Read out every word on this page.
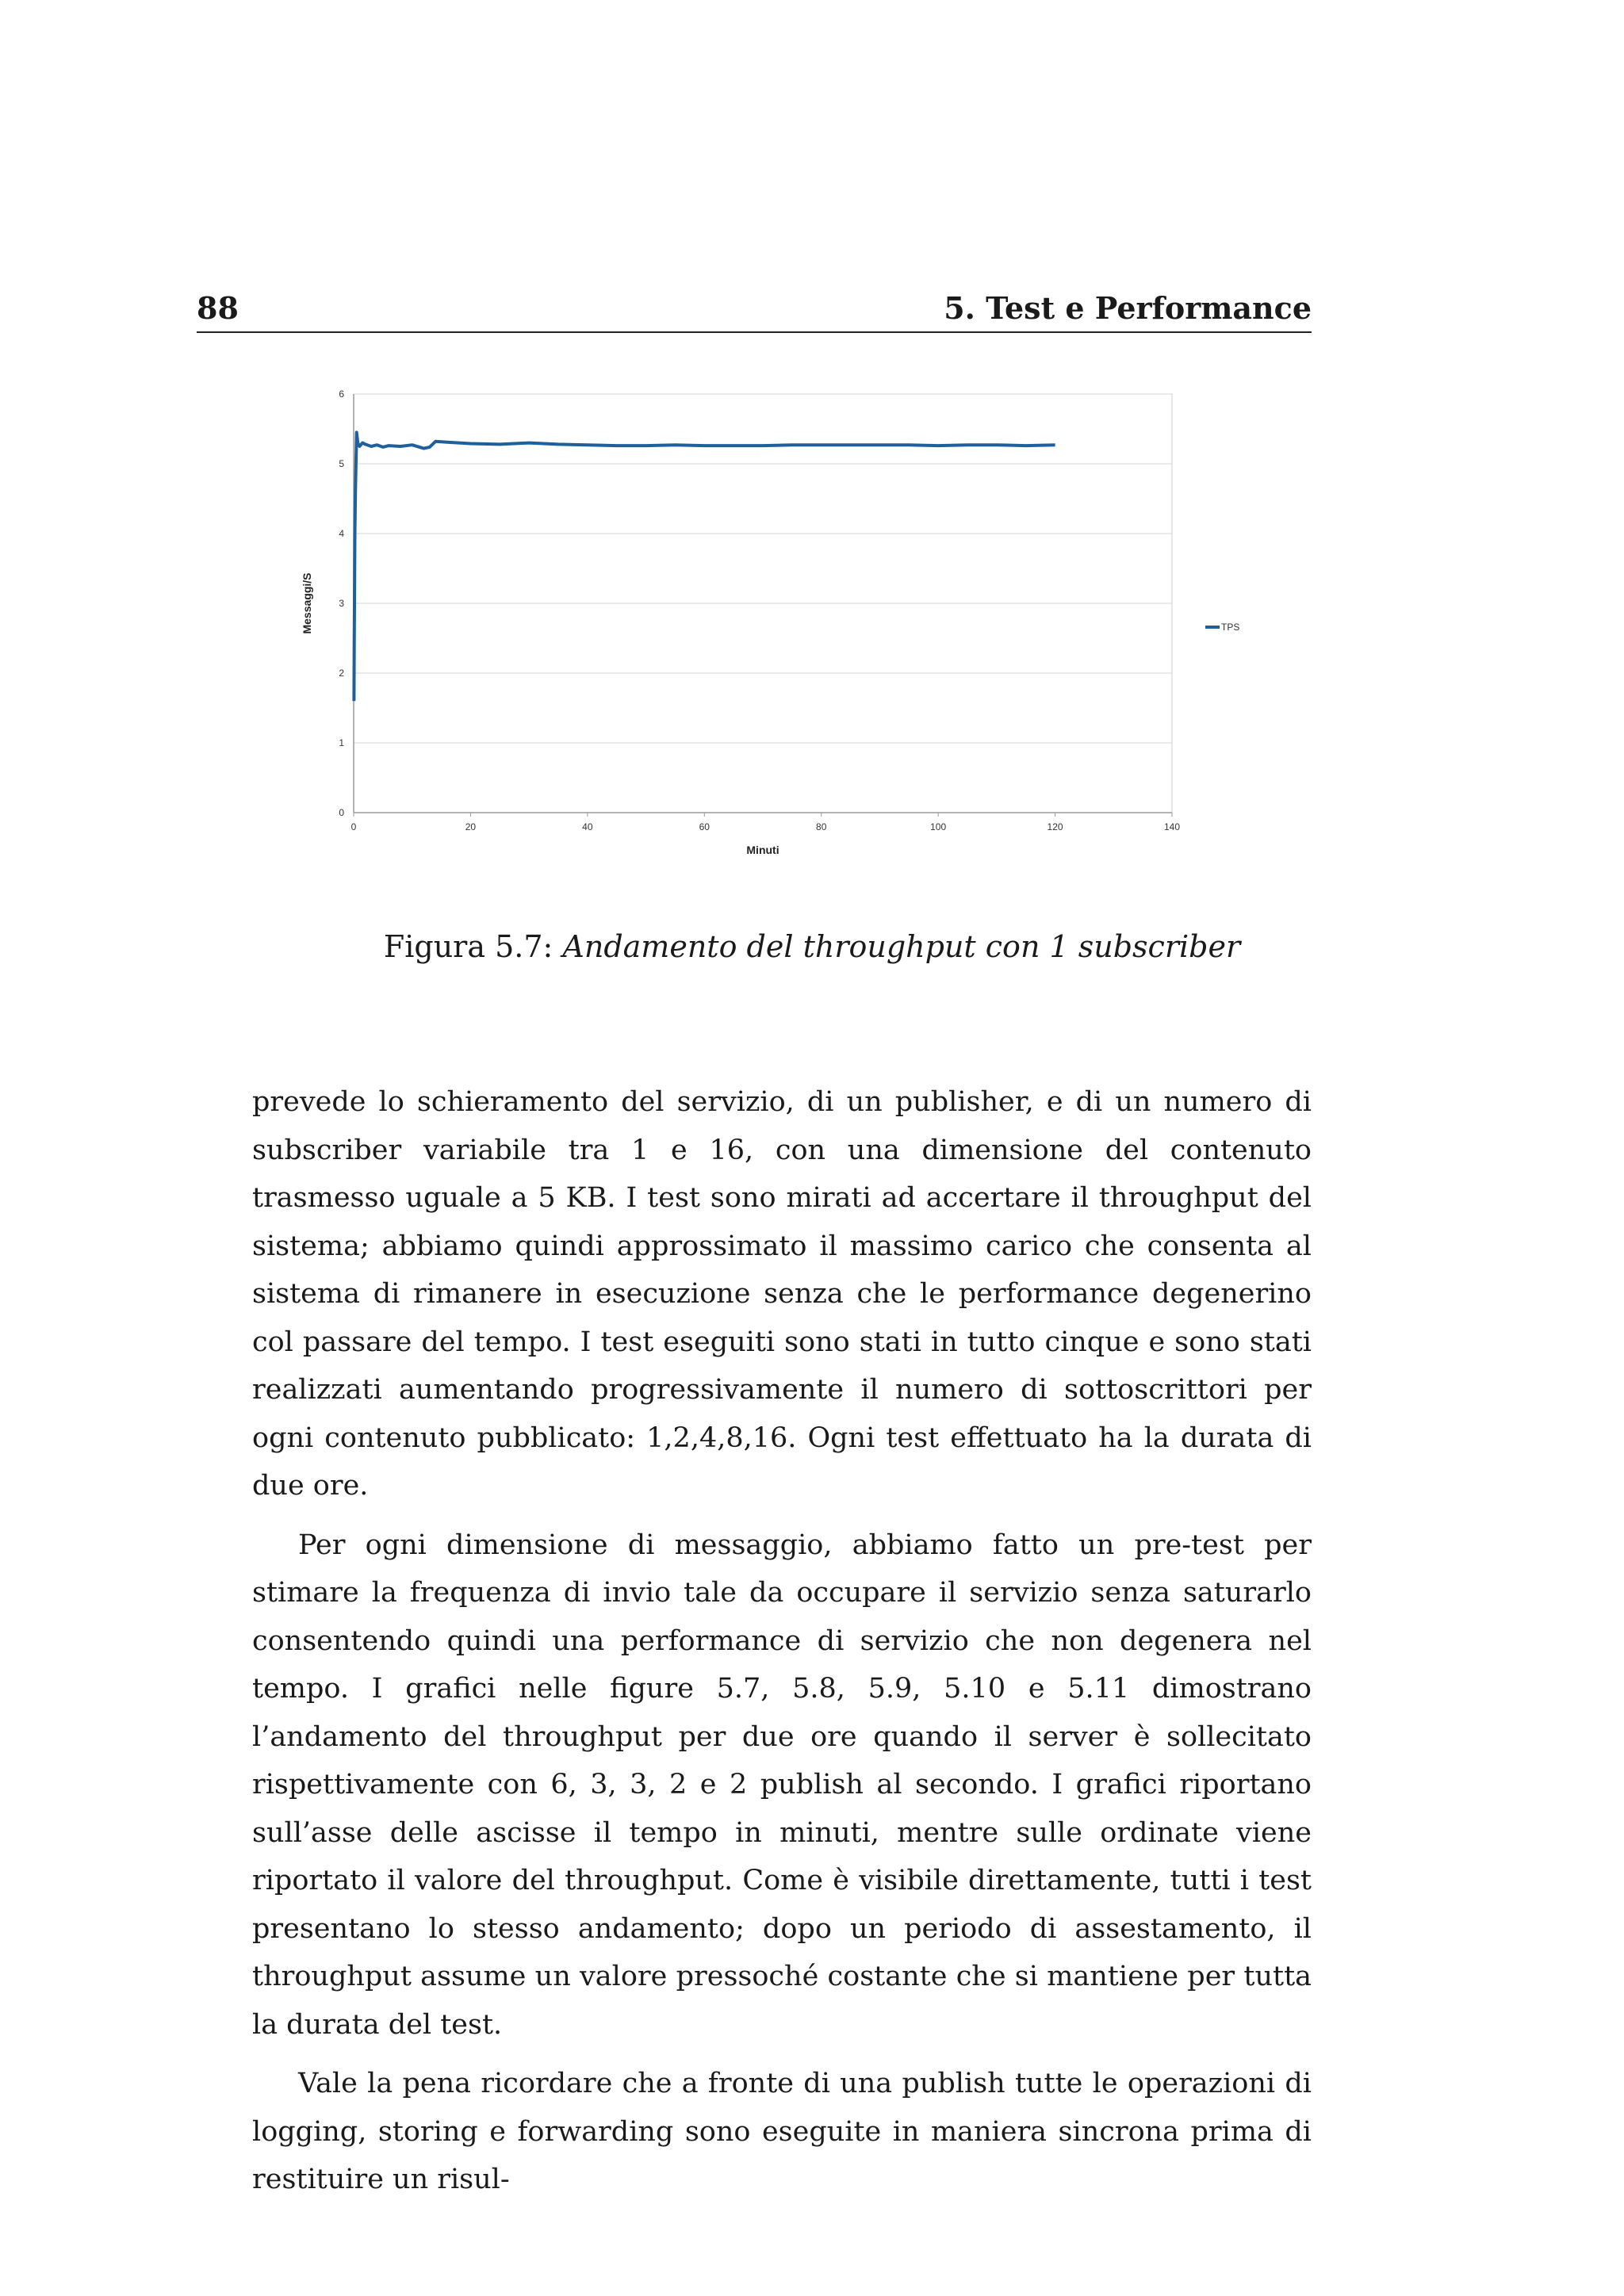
88	5. Test e Performance
0
1
2
3
4
5
6
0	20	40	60	80	100	120	140
Minuti
Messaggi/S	TPS
Figura 5.7: Andamento del throughput con 1 subscriber

prevede lo schieramento del servizio, di un publisher, e di un numero di subscriber variabile tra 1 e 16, con una dimensione del contenuto trasmesso uguale a 5 KB. I test sono mirati ad accertare il throughput del sistema; abbiamo quindi approssimato il massimo carico che consenta al sistema di rimanere in esecuzione senza che le performance degenerino col passare del tempo. I test eseguiti sono stati in tutto cinque e sono stati realizzati aumentando progressivamente il numero di sottoscrittori per ogni contenuto pubblicato: 1,2,4,8,16. Ogni test effettuato ha la durata di due ore.

Per ogni dimensione di messaggio, abbiamo fatto un pre-test per stimare la frequenza di invio tale da occupare il servizio senza saturarlo consentendo quindi una performance di servizio che non degenera nel tempo. I grafici nelle figure 5.7, 5.8, 5.9, 5.10 e 5.11 dimostrano l’andamento del throughput per due ore quando il server è sollecitato rispettivamente con 6, 3, 3, 2 e 2 publish al secondo. I grafici riportano sull’asse delle ascisse il tempo in minuti, mentre sulle ordinate viene riportato il valore del throughput. Come è visibile direttamente, tutti i test presentano lo stesso andamento; dopo un periodo di assestamento, il throughput assume un valore pressoché costante che si mantiene per tutta la durata del test.

Vale la pena ricordare che a fronte di una publish tutte le operazioni di logging, storing e forwarding sono eseguite in maniera sincrona prima di restituire un risul-
